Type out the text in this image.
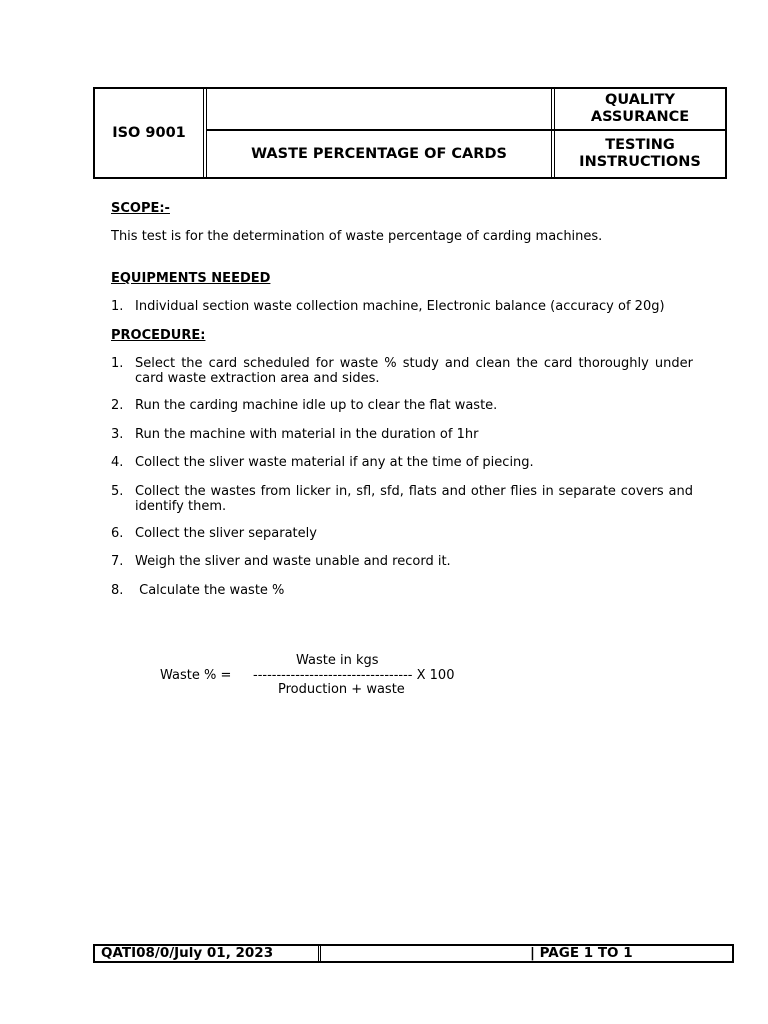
ISO 9001
WASTE PERCENTAGE OF CARDS
QUALITY
ASSURANCE
TESTING
INSTRUCTIONS
SCOPE:-
This test is for the determination of waste percentage of carding machines.
EQUIPMENTS NEEDED
1. Individual section waste collection machine, Electronic balance (accuracy of 20g)
PROCEDURE:
1. Select the card scheduled for waste % study and clean the card thoroughly under card waste extraction area and sides.
2. Run the carding machine idle up to clear the flat waste.
3. Run the machine with material in the duration of 1hr
4. Collect the sliver waste material if any at the time of piecing.
5. Collect the wastes from licker in, sfl, sfd, flats and other flies in separate covers and identify them.
6. Collect the sliver separately
7. Weigh the sliver and waste unable and record it.
8. Calculate the waste %
Waste in kgs
Waste % = ---------------------------------- X 100
Production + waste
QATI08/0/July 01, 2023	| PAGE 1 TO 1
